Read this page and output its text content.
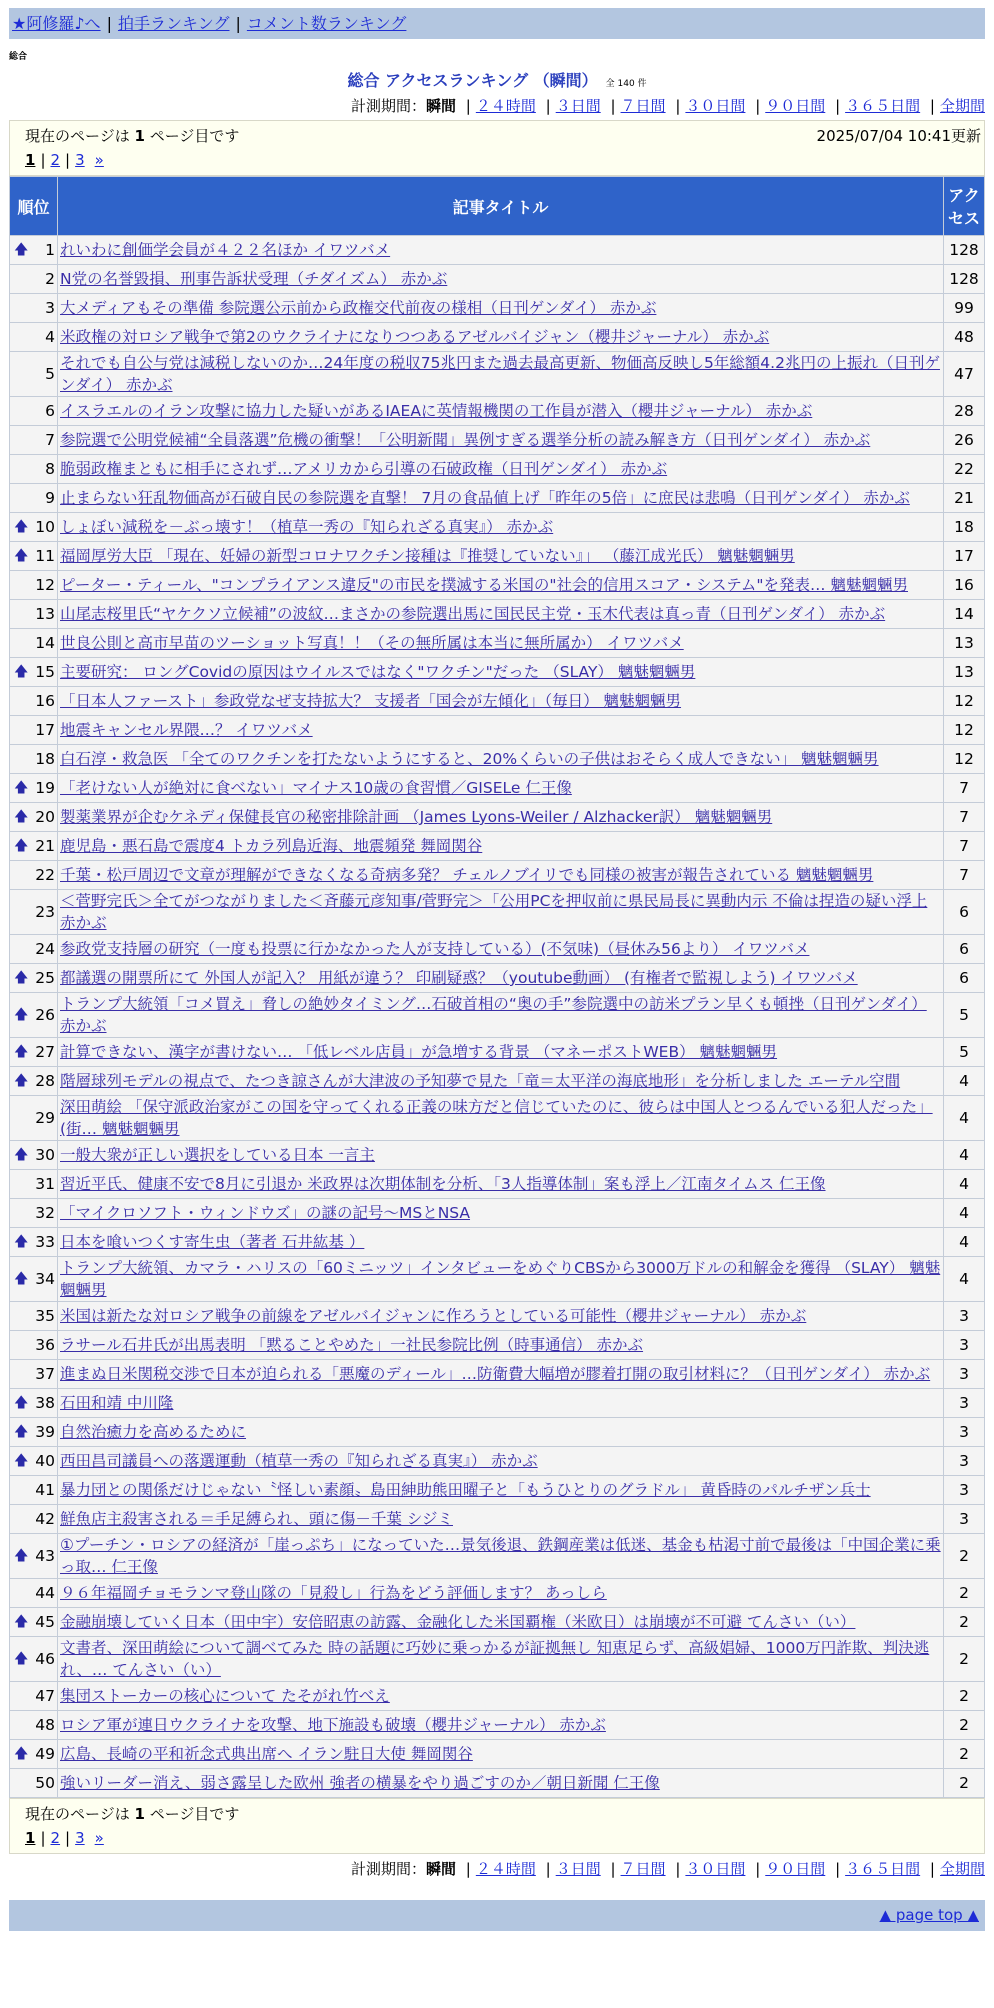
★阿修羅♪へ | 拍手ランキング | コメント数ランキング
総合
総合 アクセスランキング （瞬間） 全 140 件
計測期間：瞬間 | ２４時間 | ３日間 | ７日間 | ３０日間 | ９０日間 | ３６５日間 | 全期間
現在のページは 1 ページ目です	2025/07/04 10:41更新
1 | 2 | 3 »
順位	記事タイトル	アクセス

🡅 1	れいわに創価学会員が４２２名ほか イワツバメ	128
2	N党の名誉毀損、刑事告訴状受理（チダイズム） 赤かぶ	128
3	大メディアもその準備 参院選公示前から政権交代前夜の様相（日刊ゲンダイ） 赤かぶ	99
4	米政権の対ロシア戦争で第2のウクライナになりつつあるアゼルバイジャン（櫻井ジャーナル） 赤かぶ	48
5	それでも自公与党は減税しないのか…24年度の税収75兆円また過去最高更新、物価高反映し5年総額4.2兆円の上振れ（日刊ゲンダイ） 赤かぶ	47
6	イスラエルのイラン攻撃に協力した疑いがあるIAEAに英情報機関の工作員が潜入（櫻井ジャーナル） 赤かぶ	28
7	参院選で公明党候補“全員落選”危機の衝撃！「公明新聞」異例すぎる選挙分析の読み解き方（日刊ゲンダイ） 赤かぶ	26
8	脆弱政権まともに相手にされず…アメリカから引導の石破政権（日刊ゲンダイ） 赤かぶ	22
9	止まらない狂乱物価高が石破自民の参院選を直撃！ 7月の食品値上げ「昨年の5倍」に庶民は悲鳴（日刊ゲンダイ） 赤かぶ	21

🡅 10	しょぼい減税を－ぶっ壊す！（植草一秀の『知られざる真実』） 赤かぶ	18

🡅 11	福岡厚労大臣 「現在、妊婦の新型コロナワクチン接種は『推奨していない』」 （藤江成光氏） 魑魅魍魎男	17
12	ピーター・ティール、"コンプライアンス違反"の市民を撲滅する米国の"社会的信用スコア・システム"を発表… 魑魅魍魎男	16
13	山尾志桜里氏“ヤケクソ立候補”の波紋…まさかの参院選出馬に国民民主党・玉木代表は真っ青（日刊ゲンダイ） 赤かぶ	14
14	世良公則と高市早苗のツーショット写真！！（その無所属は本当に無所属か） イワツバメ	13

🡅 15	主要研究： ロングCovidの原因はウイルスではなく"ワクチン"だった （SLAY） 魑魅魍魎男	13
16	「日本人ファースト」参政党なぜ支持拡大？ 支援者「国会が左傾化」（毎日） 魑魅魍魎男	12
17	地震キャンセル界隈…？ イワツバメ	12
18	白石淳・救急医 「全てのワクチンを打たないようにすると、20%くらいの子供はおそらく成人できない」 魑魅魍魎男	12

🡅 19	「老けない人が絶対に食べない」マイナス10歳の食習慣／GISELe 仁王像	7

🡅 20	製薬業界が企むケネディ保健長官の秘密排除計画 （James Lyons-Weiler / Alzhacker訳） 魑魅魍魎男	7

🡅 21	鹿児島・悪石島で震度4 トカラ列島近海、地震頻発 舞岡関谷	7
22	千葉・松戸周辺で文章が理解ができなくなる奇病多発？ チェルノブイリでも同様の被害が報告されている 魑魅魍魎男	7
23	＜菅野完氏＞全てがつながりました＜斉藤元彦知事/菅野完＞「公用PCを押収前に県民局長に異動内示 不倫は捏造の疑い浮上 赤かぶ	6
24	参政党支持層の研究（一度も投票に行かなかった人が支持している）(不気味)（昼休み56より） イワツバメ	6

🡅 25	都議選の開票所にて 外国人が記入？ 用紙が違う？ 印刷疑惑？（youtube動画） (有権者で監視しよう) イワツバメ	6

🡅 26	トランプ大統領「コメ買え」脅しの絶妙タイミング…石破首相の“奥の手”参院選中の訪米プラン早くも頓挫（日刊ゲンダイ） 赤かぶ	5

🡅 27	計算できない、漢字が書けない… 「低レベル店員」が急増する背景 （マネーポストWEB） 魑魅魍魎男	5

🡅 28	階層球列モデルの視点で、たつき諒さんが大津波の予知夢で見た「竜＝太平洋の海底地形」を分析しました エーテル空間	4
29	深田萌絵 「保守派政治家がこの国を守ってくれる正義の味方だと信じていたのに、彼らは中国人とつるんでいる犯人だった」(街… 魑魅魍魎男	4

🡅 30	一般大衆が正しい選択をしている日本 一言主	4
31	習近平氏、健康不安で8月に引退か 米政界は次期体制を分析、「3人指導体制」案も浮上／江南タイムス 仁王像	4
32	「マイクロソフト・ウィンドウズ」の謎の記号〜MSとNSA	4

🡅 33	日本を喰いつくす寄生虫（著者 石井紘基 ）	4

🡅 34	トランプ大統領、カマラ・ハリスの「60ミニッツ」インタビューをめぐりCBSから3000万ドルの和解金を獲得 （SLAY） 魑魅魍魎男	4
35	米国は新たな対ロシア戦争の前線をアゼルバイジャンに作ろうとしている可能性（櫻井ジャーナル） 赤かぶ	3
36	ラサール石井氏が出馬表明 「黙ることやめた」一社民参院比例（時事通信） 赤かぶ	3
37	進まぬ日米関税交渉で日本が迫られる「悪魔のディール」…防衛費大幅増が膠着打開の取引材料に？（日刊ゲンダイ） 赤かぶ	3

🡅 38	石田和靖 中川隆	3

🡅 39	自然治癒力を高めるために	3

🡅 40	西田昌司議員への落選運動（植草一秀の『知られざる真実』） 赤かぶ	3
41	暴力団との関係だけじゃない〝怪しい素顔〟島田紳助熊田曜子と「もうひとりのグラドル」 黄昏時のパルチザン兵士	3
42	鮮魚店主殺害される＝手足縛られ、頭に傷－千葉 シジミ	3

🡅 43	①プーチン・ロシアの経済が「崖っぷち」になっていた…景気後退、鉄鋼産業は低迷、基金も枯渇寸前で最後は「中国企業に乗っ取… 仁王像	2
44	９６年福岡チョモランマ登山隊の「見殺し」行為をどう評価します？ あっしら	2

🡅 45	金融崩壊していく日本（田中宇）安倍昭恵の訪露、金融化した米国覇権（米欧日）は崩壊が不可避 てんさい（い）	2

🡅 46	文書者、深田萌絵について調べてみた 時の話題に巧妙に乗っかるが証拠無し 知恵足らず、高級娼婦、1000万円詐欺、判決逃れ、… てんさい（い）	2
47	集団ストーカーの核心について たそがれ竹べえ	2
48	ロシア軍が連日ウクライナを攻撃、地下施設も破壊（櫻井ジャーナル） 赤かぶ	2

🡅 49	広島、長崎の平和祈念式典出席へ イラン駐日大使 舞岡関谷	2
50	強いリーダー消え、弱さ露呈した欧州 強者の横暴をやり過ごすのか／朝日新聞 仁王像	2
現在のページは 1 ページ目です
1 | 2 | 3 »
計測期間：瞬間 | ２４時間 | ３日間 | ７日間 | ３０日間 | ９０日間 | ３６５日間 | 全期間
▲ page top ▲
